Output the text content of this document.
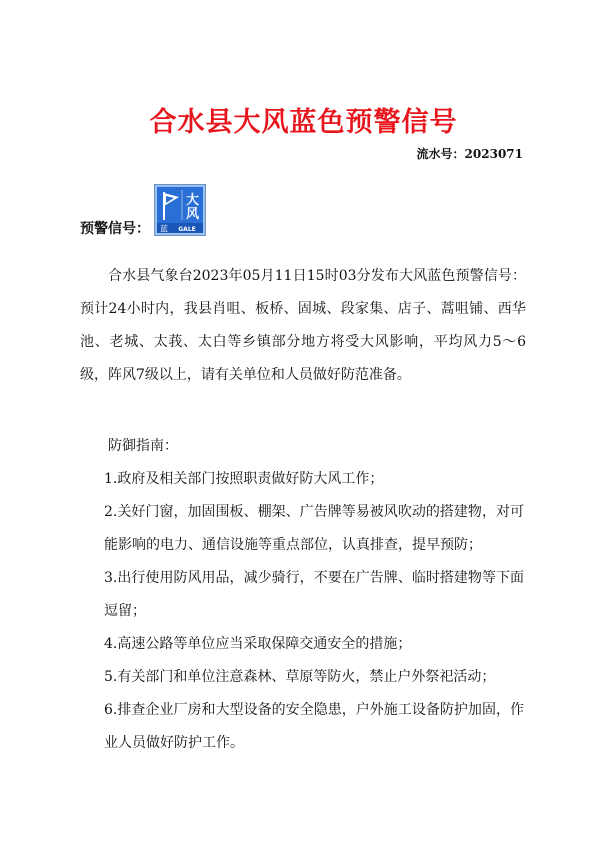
合水县大风蓝色预警信号
流水号：2023071
预警信号：
大
风
蓝 GALE

合水县气象台2023年05月11日15时03分发布大风蓝色预警信号：预计24小时内，我县肖咀、板桥、固城、段家集、店子、蒿咀铺、西华池、老城、太莪、太白等乡镇部分地方将受大风影响，平均风力5～6级，阵风7级以上，请有关单位和人员做好防范准备。

防御指南：
1.政府及相关部门按照职责做好防大风工作；
2.关好门窗，加固围板、棚架、广告牌等易被风吹动的搭建物，对可能影响的电力、通信设施等重点部位，认真排查，提早预防；
3.出行使用防风用品，减少骑行，不要在广告牌、临时搭建物等下面逗留；
4.高速公路等单位应当采取保障交通安全的措施；
5.有关部门和单位注意森林、草原等防火，禁止户外祭祀活动；
6.排查企业厂房和大型设备的安全隐患，户外施工设备防护加固，作业人员做好防护工作。
